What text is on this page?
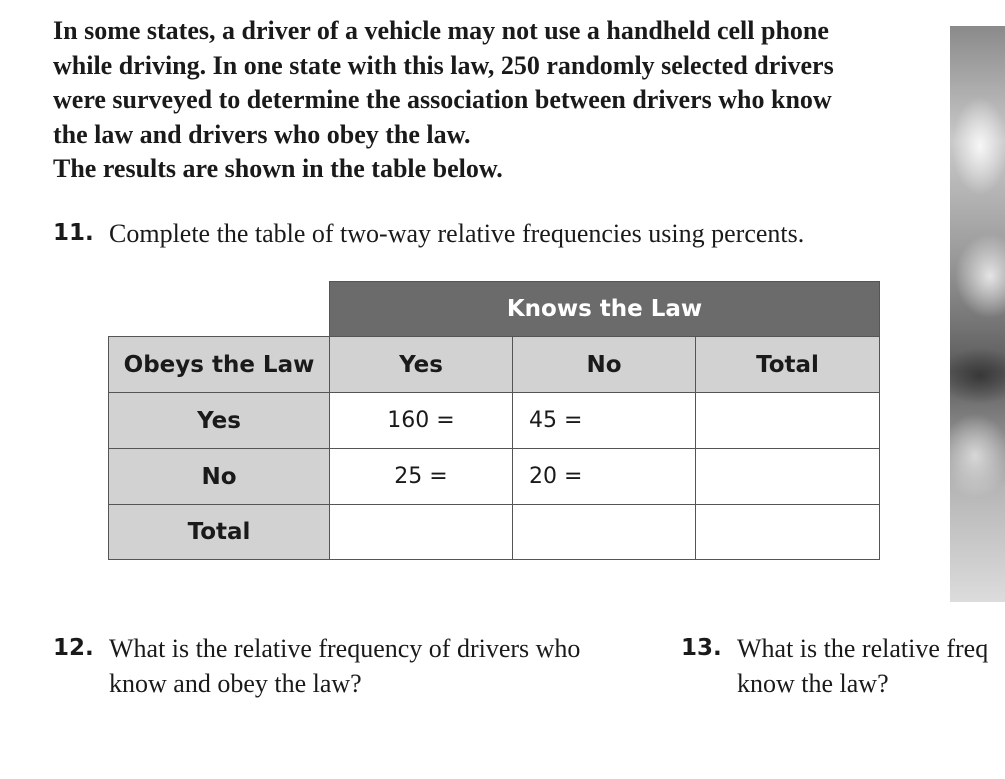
In some states, a driver of a vehicle may not use a handheld cell phone
while driving. In one state with this law, 250 randomly selected drivers
were surveyed to determine the association between drivers who know
the law and drivers who obey the law.
The results are shown in the table below.
11. Complete the table of two-way relative frequencies using percents.
Knows the Law
Obeys the Law	Yes	No	Total
Yes	160 =	45 =
No	25 =	20 =
Total
12. What is the relative frequency of drivers who
know and obey the law?
13. What is the relative freq
know the law?
